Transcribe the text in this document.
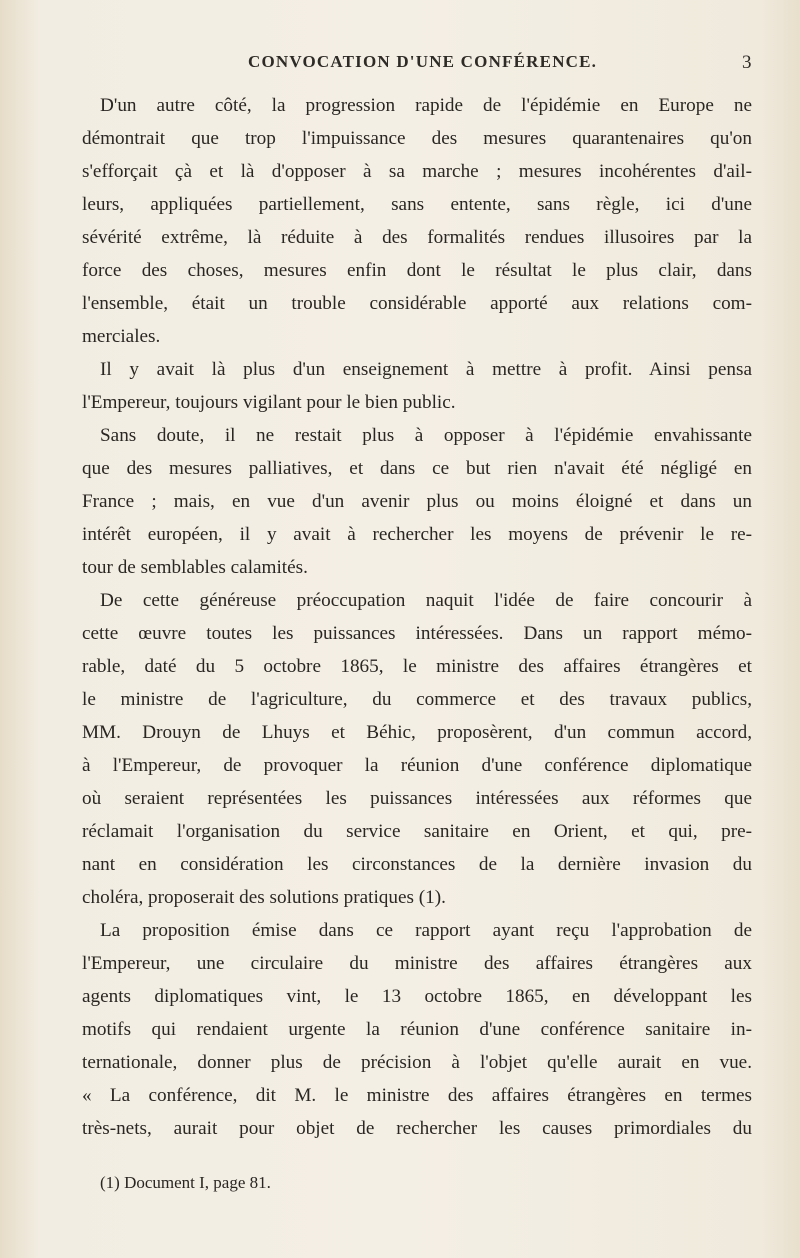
CONVOCATION D'UNE CONFÉRENCE.	3
D'un autre côté, la progression rapide de l'épidémie en Europe ne
démontrait que trop l'impuissance des mesures quarantenaires qu'on
s'efforçait çà et là d'opposer à sa marche ; mesures incohérentes d'ail-
leurs, appliquées partiellement, sans entente, sans règle, ici d'une
sévérité extrême, là réduite à des formalités rendues illusoires par la
force des choses, mesures enfin dont le résultat le plus clair, dans
l'ensemble, était un trouble considérable apporté aux relations com-
merciales.
Il y avait là plus d'un enseignement à mettre à profit. Ainsi pensa
l'Empereur, toujours vigilant pour le bien public.
Sans doute, il ne restait plus à opposer à l'épidémie envahissante
que des mesures palliatives, et dans ce but rien n'avait été négligé en
France ; mais, en vue d'un avenir plus ou moins éloigné et dans un
intérêt européen, il y avait à rechercher les moyens de prévenir le re-
tour de semblables calamités.
De cette généreuse préoccupation naquit l'idée de faire concourir à
cette œuvre toutes les puissances intéressées. Dans un rapport mémo-
rable, daté du 5 octobre 1865, le ministre des affaires étrangères et
le ministre de l'agriculture, du commerce et des travaux publics,
MM. Drouyn de Lhuys et Béhic, proposèrent, d'un commun accord,
à l'Empereur, de provoquer la réunion d'une conférence diplomatique
où seraient représentées les puissances intéressées aux réformes que
réclamait l'organisation du service sanitaire en Orient, et qui, pre-
nant en considération les circonstances de la dernière invasion du
choléra, proposerait des solutions pratiques (1).
La proposition émise dans ce rapport ayant reçu l'approbation de
l'Empereur, une circulaire du ministre des affaires étrangères aux
agents diplomatiques vint, le 13 octobre 1865, en développant les
motifs qui rendaient urgente la réunion d'une conférence sanitaire in-
ternationale, donner plus de précision à l'objet qu'elle aurait en vue.
« La conférence, dit M. le ministre des affaires étrangères en termes
très-nets, aurait pour objet de rechercher les causes primordiales du
(1) Document I, page 81.
